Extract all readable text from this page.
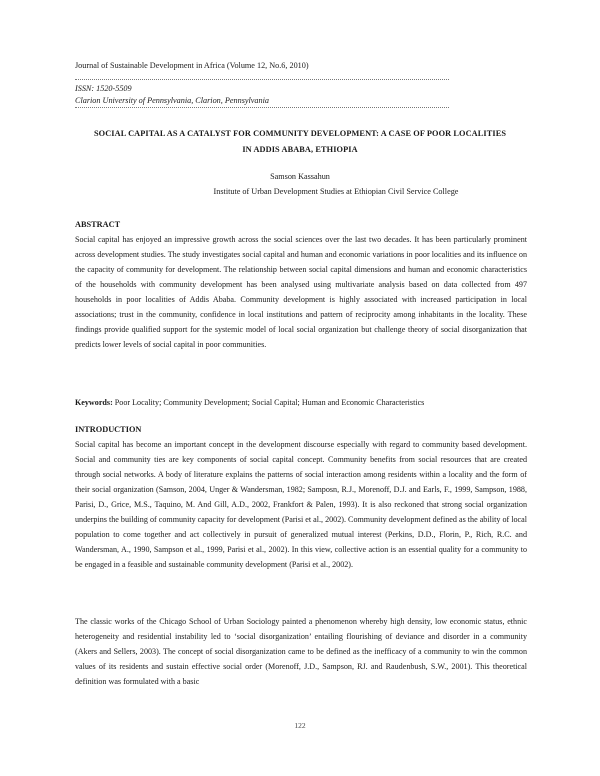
Journal of Sustainable Development in Africa (Volume 12, No.6, 2010)
ISSN: 1520-5509
Clarion University of Pennsylvania, Clarion, Pennsylvania
SOCIAL CAPITAL AS A CATALYST FOR COMMUNITY DEVELOPMENT: A CASE OF POOR LOCALITIES IN ADDIS ABABA, ETHIOPIA
Samson Kassahun
Institute of Urban Development Studies at Ethiopian Civil Service College
ABSTRACT
Social capital has enjoyed an impressive growth across the social sciences over the last two decades. It has been particularly prominent across development studies. The study investigates social capital and human and economic variations in poor localities and its influence on the capacity of community for development. The relationship between social capital dimensions and human and economic characteristics of the households with community development has been analysed using multivariate analysis based on data collected from 497 households in poor localities of Addis Ababa. Community development is highly associated with increased participation in local associations; trust in the community, confidence in local institutions and pattern of reciprocity among inhabitants in the locality. These findings provide qualified support for the systemic model of local social organization but challenge theory of social disorganization that predicts lower levels of social capital in poor communities.
Keywords: Poor Locality; Community Development; Social Capital; Human and Economic Characteristics
INTRODUCTION
Social capital has become an important concept in the development discourse especially with regard to community based development. Social and community ties are key components of social capital concept. Community benefits from social resources that are created through social networks. A body of literature explains the patterns of social interaction among residents within a locality and the form of their social organization (Samson, 2004, Unger & Wandersman, 1982; Samposn, R.J., Morenoff, D.J. and Earls, F., 1999, Sampson, 1988, Parisi, D., Grice, M.S., Taquino, M. And Gill, A.D., 2002, Frankfort & Palen, 1993). It is also reckoned that strong social organization underpins the building of community capacity for development (Parisi et al., 2002). Community development defined as the ability of local population to come together and act collectively in pursuit of generalized mutual interest (Perkins, D.D., Florin, P., Rich, R.C. and Wandersman, A., 1990, Sampson et al., 1999, Parisi et al., 2002). In this view, collective action is an essential quality for a community to be engaged in a feasible and sustainable community development (Parisi et al., 2002).
The classic works of the Chicago School of Urban Sociology painted a phenomenon whereby high density, low economic status, ethnic heterogeneity and residential instability led to ‘social disorganization’ entailing flourishing of deviance and disorder in a community (Akers and Sellers, 2003). The concept of social disorganization came to be defined as the inefficacy of a community to win the common values of its residents and sustain effective social order (Morenoff, J.D., Sampson, RJ. and Raudenbush, S.W., 2001). This theoretical definition was formulated with a basic
122
